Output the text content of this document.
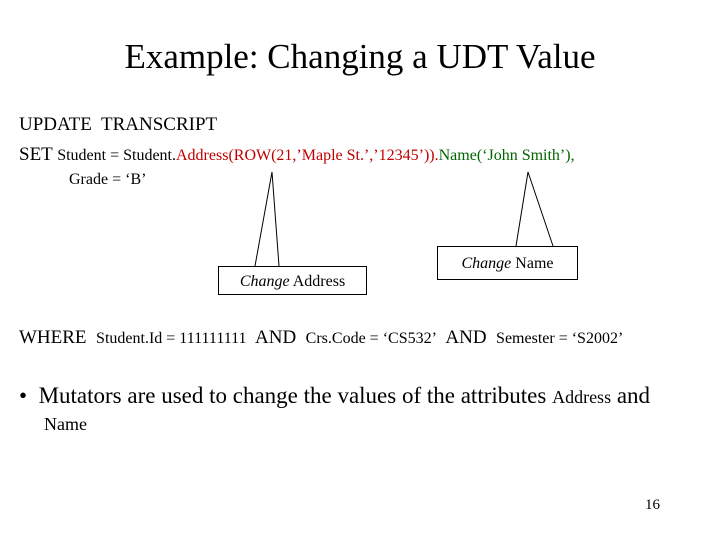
Example: Changing a UDT Value
UPDATE  TRANSCRIPT
SET Student = Student.Address(ROW(21,’Maple St.’,’12345’)).Name(‘John Smith’),
Grade = ‘B’
Change Address
Change Name
WHERE Student.Id = 111111111 AND Crs.Code = ‘CS532’ AND Semester = ‘S2002’
• Mutators are used to change the values of the attributes Address and
Name
16
